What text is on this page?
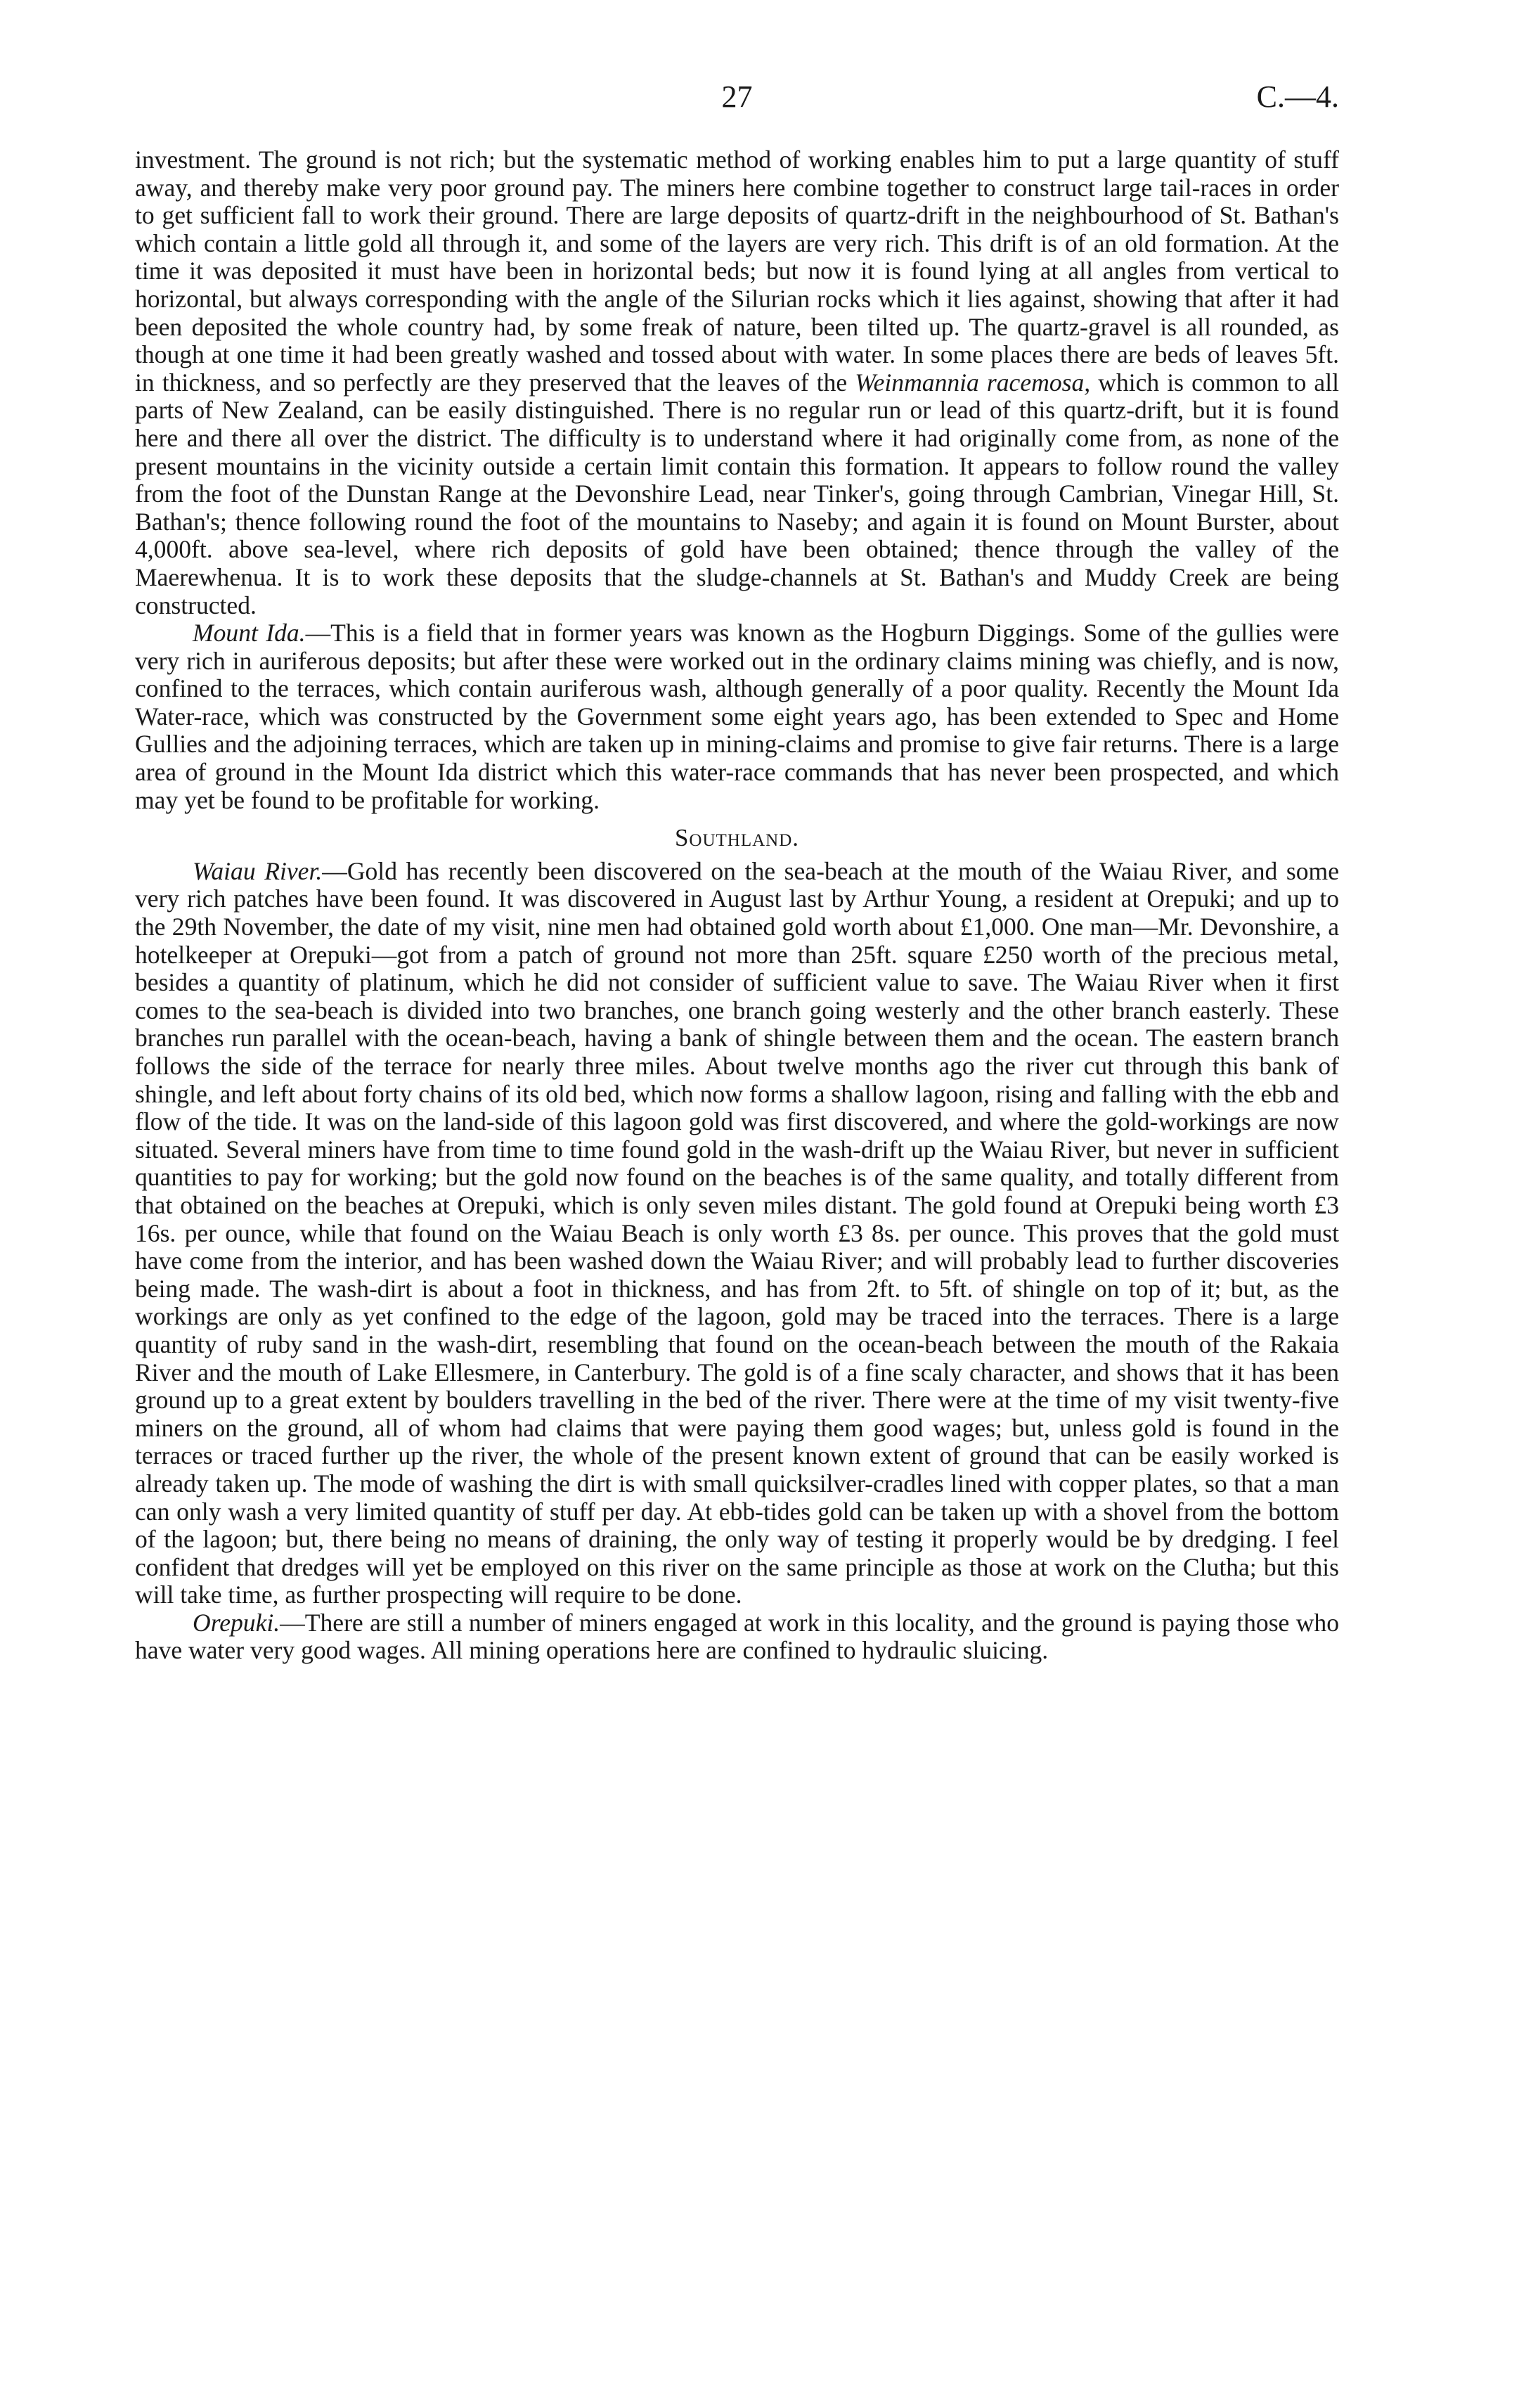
27	C.—4.

investment. The ground is not rich; but the systematic method of working enables him to put a large quantity of stuff away, and thereby make very poor ground pay. The miners here combine together to construct large tail-races in order to get sufficient fall to work their ground. There are large deposits of quartz-drift in the neighbourhood of St. Bathan's which contain a little gold all through it, and some of the layers are very rich. This drift is of an old formation. At the time it was deposited it must have been in horizontal beds; but now it is found lying at all angles from vertical to horizontal, but always corresponding with the angle of the Silurian rocks which it lies against, showing that after it had been deposited the whole country had, by some freak of nature, been tilted up. The quartz-gravel is all rounded, as though at one time it had been greatly washed and tossed about with water. In some places there are beds of leaves 5ft. in thickness, and so perfectly are they preserved that the leaves of the Weinmannia racemosa, which is common to all parts of New Zealand, can be easily distinguished. There is no regular run or lead of this quartz-drift, but it is found here and there all over the district. The difficulty is to understand where it had originally come from, as none of the present mountains in the vicinity outside a certain limit contain this formation. It appears to follow round the valley from the foot of the Dunstan Range at the Devonshire Lead, near Tinker's, going through Cambrian, Vinegar Hill, St. Bathan's; thence following round the foot of the mountains to Naseby; and again it is found on Mount Burster, about 4,000ft. above sea-level, where rich deposits of gold have been obtained; thence through the valley of the Maerewhenua. It is to work these deposits that the sludge-channels at St. Bathan's and Muddy Creek are being constructed.

Mount Ida.—This is a field that in former years was known as the Hogburn Diggings. Some of the gullies were very rich in auriferous deposits; but after these were worked out in the ordinary claims mining was chiefly, and is now, confined to the terraces, which contain auriferous wash, although generally of a poor quality. Recently the Mount Ida Water-race, which was constructed by the Government some eight years ago, has been extended to Spec and Home Gullies and the adjoining terraces, which are taken up in mining-claims and promise to give fair returns. There is a large area of ground in the Mount Ida district which this water-race commands that has never been prospected, and which may yet be found to be profitable for working.

Southland.

Waiau River.—Gold has recently been discovered on the sea-beach at the mouth of the Waiau River, and some very rich patches have been found. It was discovered in August last by Arthur Young, a resident at Orepuki; and up to the 29th November, the date of my visit, nine men had obtained gold worth about £1,000. One man—Mr. Devonshire, a hotelkeeper at Orepuki—got from a patch of ground not more than 25ft. square £250 worth of the precious metal, besides a quantity of platinum, which he did not consider of sufficient value to save. The Waiau River when it first comes to the sea-beach is divided into two branches, one branch going westerly and the other branch easterly. These branches run parallel with the ocean-beach, having a bank of shingle between them and the ocean. The eastern branch follows the side of the terrace for nearly three miles. About twelve months ago the river cut through this bank of shingle, and left about forty chains of its old bed, which now forms a shallow lagoon, rising and falling with the ebb and flow of the tide. It was on the land-side of this lagoon gold was first discovered, and where the gold-workings are now situated. Several miners have from time to time found gold in the wash-drift up the Waiau River, but never in sufficient quantities to pay for working; but the gold now found on the beaches is of the same quality, and totally different from that obtained on the beaches at Orepuki, which is only seven miles distant. The gold found at Orepuki being worth £3 16s. per ounce, while that found on the Waiau Beach is only worth £3 8s. per ounce. This proves that the gold must have come from the interior, and has been washed down the Waiau River; and will probably lead to further discoveries being made. The wash-dirt is about a foot in thickness, and has from 2ft. to 5ft. of shingle on top of it; but, as the workings are only as yet confined to the edge of the lagoon, gold may be traced into the terraces. There is a large quantity of ruby sand in the wash-dirt, resembling that found on the ocean-beach between the mouth of the Rakaia River and the mouth of Lake Ellesmere, in Canterbury. The gold is of a fine scaly character, and shows that it has been ground up to a great extent by boulders travelling in the bed of the river. There were at the time of my visit twenty-five miners on the ground, all of whom had claims that were paying them good wages; but, unless gold is found in the terraces or traced further up the river, the whole of the present known extent of ground that can be easily worked is already taken up. The mode of washing the dirt is with small quicksilver-cradles lined with copper plates, so that a man can only wash a very limited quantity of stuff per day. At ebb-tides gold can be taken up with a shovel from the bottom of the lagoon; but, there being no means of draining, the only way of testing it properly would be by dredging. I feel confident that dredges will yet be employed on this river on the same principle as those at work on the Clutha; but this will take time, as further prospecting will require to be done.

Orepuki.—There are still a number of miners engaged at work in this locality, and the ground is paying those who have water very good wages. All mining operations here are confined to hydraulic sluicing.
